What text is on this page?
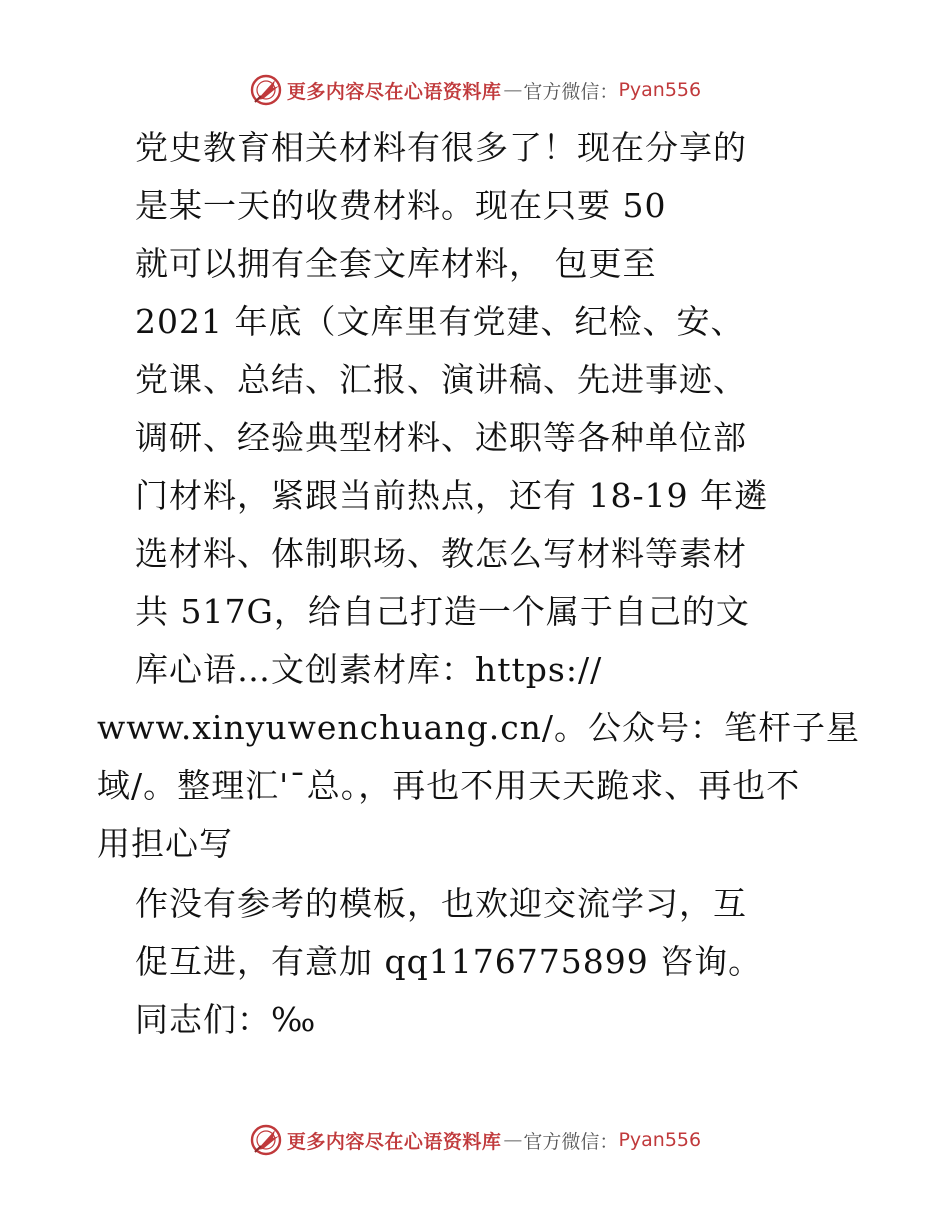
更多内容尽在心语资料库 — 官方微信： Pyan556
党史教育相关材料有很多了！现在分享的
是某一天的收费材料。现在只要 50
就可以拥有全套文库材料， 包更至
2021 年底（文库里有党建、纪检、安、
党课、总结、汇报、演讲稿、先进事迹、
调研、经验典型材料、述职等各种单位部
门材料，紧跟当前热点，还有 18-19 年遴
选材料、体制职场、教怎么写材料等素材
共 517G，给自己打造一个属于自己的文
库心语…文创素材库：https://
www.xinyuwenchuang.cn/。公众号：笔杆子星
域/。整理汇'¯总。，再也不用天天跪求、再也不
用担心写
作没有参考的模板，也欢迎交流学习，互
促互进，有意加 qq1176775899 咨询。
同志们：‰
更多内容尽在心语资料库 — 官方微信： Pyan556
